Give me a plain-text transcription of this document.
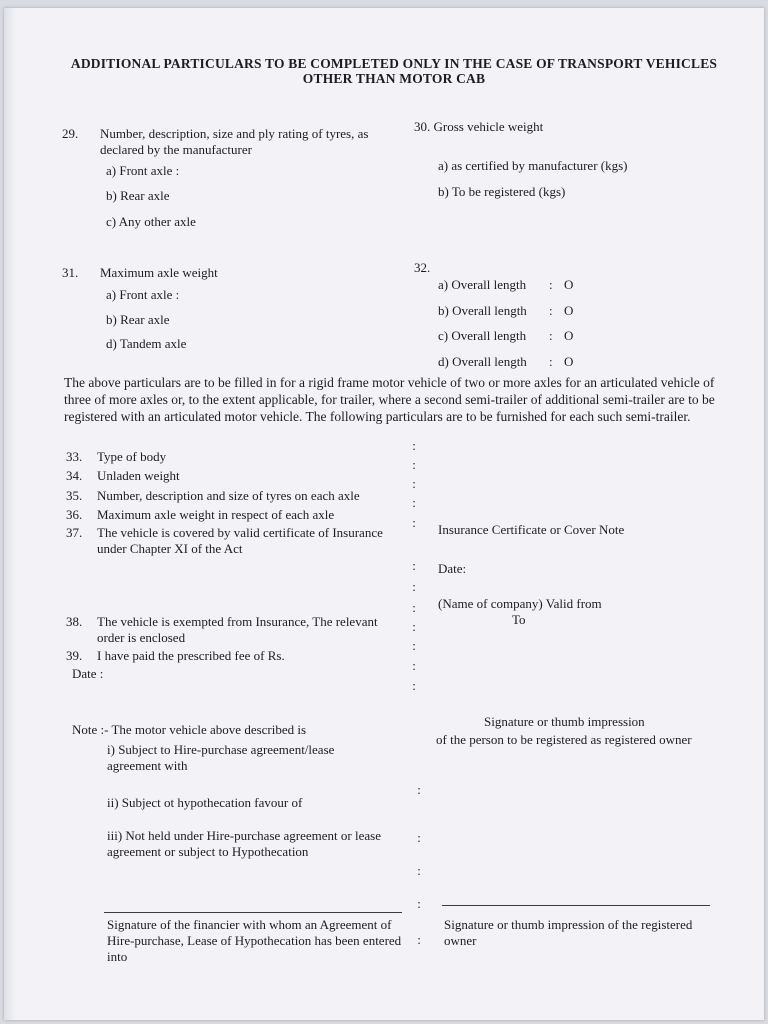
ADDITIONAL PARTICULARS TO BE COMPLETED ONLY IN THE CASE OF TRANSPORT VEHICLES
OTHER THAN MOTOR CAB
29. Number, description, size and ply rating of tyres, as declared by the manufacturer
a) Front axle :
b) Rear axle
c) Any other axle
30. Gross vehicle weight
a) as certified by manufacturer (kgs)
b) To be registered (kgs)
31. Maximum axle weight
a) Front axle :
b) Rear axle
d) Tandem axle
32.
a) Overall length : O
b) Overall length : O
c) Overall length : O
d) Overall length : O
The above particulars are to be filled in for a rigid frame motor vehicle of two or more axles for an articulated vehicle of three of more axles or, to the extent applicable, for trailer, where a second semi-trailer of additional semi-trailer are to be registered with an articulated motor vehicle. The following particulars are to be furnished for each such semi-trailer.
33. Type of body
34. Unladen weight
35. Number, description and size of tyres on each axle
36. Maximum axle weight in respect of each axle
37. The vehicle is covered by valid certificate of Insurance under Chapter XI of the Act
38. The vehicle is exempted from Insurance, The relevant order is enclosed
39. I have paid the prescribed fee of Rs.
Date :
:
:
:
:
:
:
:
:
:
:
:
:
:
:
:
:
:
Insurance Certificate or Cover Note
Date:
(Name of company) Valid from
To
Note :- The motor vehicle above described is
i) Subject to Hire-purchase agreement/lease agreement with
ii) Subject ot hypothecation favour of
iii) Not held under Hire-purchase agreement or lease agreement or subject to Hypothecation
Signature or thumb impression
of the person to be registered as registered owner
Signature of the financier with whom an Agreement of Hire-purchase, Lease of Hypothecation has been entered into
Signature or thumb impression of the registered owner
